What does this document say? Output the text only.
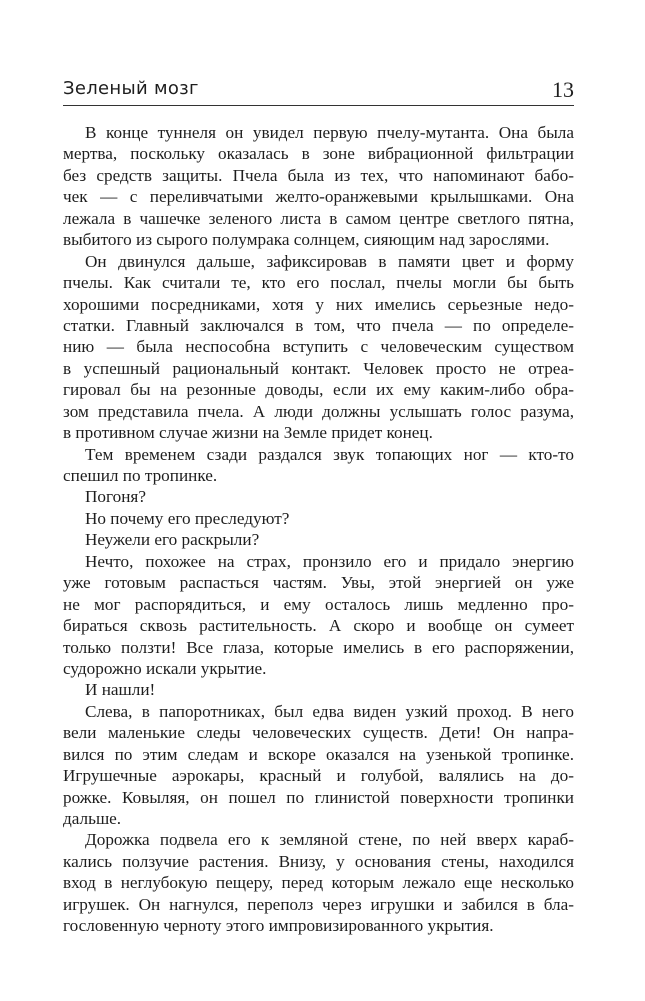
Зеленый мозг	13
В конце туннеля он увидел первую пчелу-мутанта. Она была
мертва, поскольку оказалась в зоне вибрационной фильтрации
без средств защиты. Пчела была из тех, что напоминают бабо-
чек — с переливчатыми желто-оранжевыми крылышками. Она
лежала в чашечке зеленого листа в самом центре светлого пятна,
выбитого из сырого полумрака солнцем, сияющим над зарослями.
Он двинулся дальше, зафиксировав в памяти цвет и форму
пчелы. Как считали те, кто его послал, пчелы могли бы быть
хорошими посредниками, хотя у них имелись серьезные недо-
статки. Главный заключался в том, что пчела — по определе-
нию — была неспособна вступить с человеческим существом
в успешный рациональный контакт. Человек просто не отреа-
гировал бы на резонные доводы, если их ему каким-либо обра-
зом представила пчела. А люди должны услышать голос разума,
в противном случае жизни на Земле придет конец.
Тем временем сзади раздался звук топающих ног — кто-то
спешил по тропинке.
Погоня?
Но почему его преследуют?
Неужели его раскрыли?
Нечто, похожее на страх, пронзило его и придало энергию
уже готовым распасться частям. Увы, этой энергией он уже
не мог распорядиться, и ему осталось лишь медленно про-
бираться сквозь растительность. А скоро и вообще он сумеет
только ползти! Все глаза, которые имелись в его распоряжении,
судорожно искали укрытие.
И нашли!
Слева, в папоротниках, был едва виден узкий проход. В него
вели маленькие следы человеческих существ. Дети! Он напра-
вился по этим следам и вскоре оказался на узенькой тропинке.
Игрушечные аэрокары, красный и голубой, валялись на до-
рожке. Ковыляя, он пошел по глинистой поверхности тропинки
дальше.
Дорожка подвела его к земляной стене, по ней вверх караб-
кались ползучие растения. Внизу, у основания стены, находился
вход в неглубокую пещеру, перед которым лежало еще несколько
игрушек. Он нагнулся, переполз через игрушки и забился в бла-
гословенную черноту этого импровизированного укрытия.
